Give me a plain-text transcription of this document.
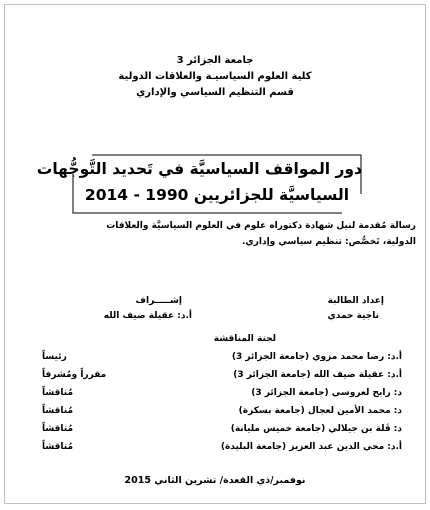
جامعة الجزائر 3
كلية العلوم السياسيـة والعلاقات الدولية
قسم التنظيم السياسي والإداري
دور المواقف السياسيَّة في تَحديد التَّوجُّهات
السياسيَّة للجزائريين 1990 - 2014
رسالة مُقدمة لنيل شهادة دكتوراه علوم في العلوم السياسيَّة والعلاقات
الدولية، تَخصُّص: تنظيم سياسي وإداري.
إعداد الطالبة
ناجية حمدي
إشـــــراف
أ.د: عقيلة ضيف الله
لجنة المناقشة
أ.د: رضا محمد مزوي (جامعة الجزائر 3)
رئيساً
أ.د: عقيلة ضيف الله (جامعة الجزائر 3)
مقرراً ومُشرفاً
د: رابح لعروسي (جامعة الجزائر 3)
مُناقشاً
د: محمد الأمين لعجال (جامعة بسكرة)
مُناقشاً
د: قَلة بن جيلالي (جامعة خميس مليانة)
مُناقشاً
أ.د: محي الدين عبد العزيز (جامعة البليدة)
مُناقشاً
نوفمبر/ذي القعدة/ تشرين الثاني 2015
